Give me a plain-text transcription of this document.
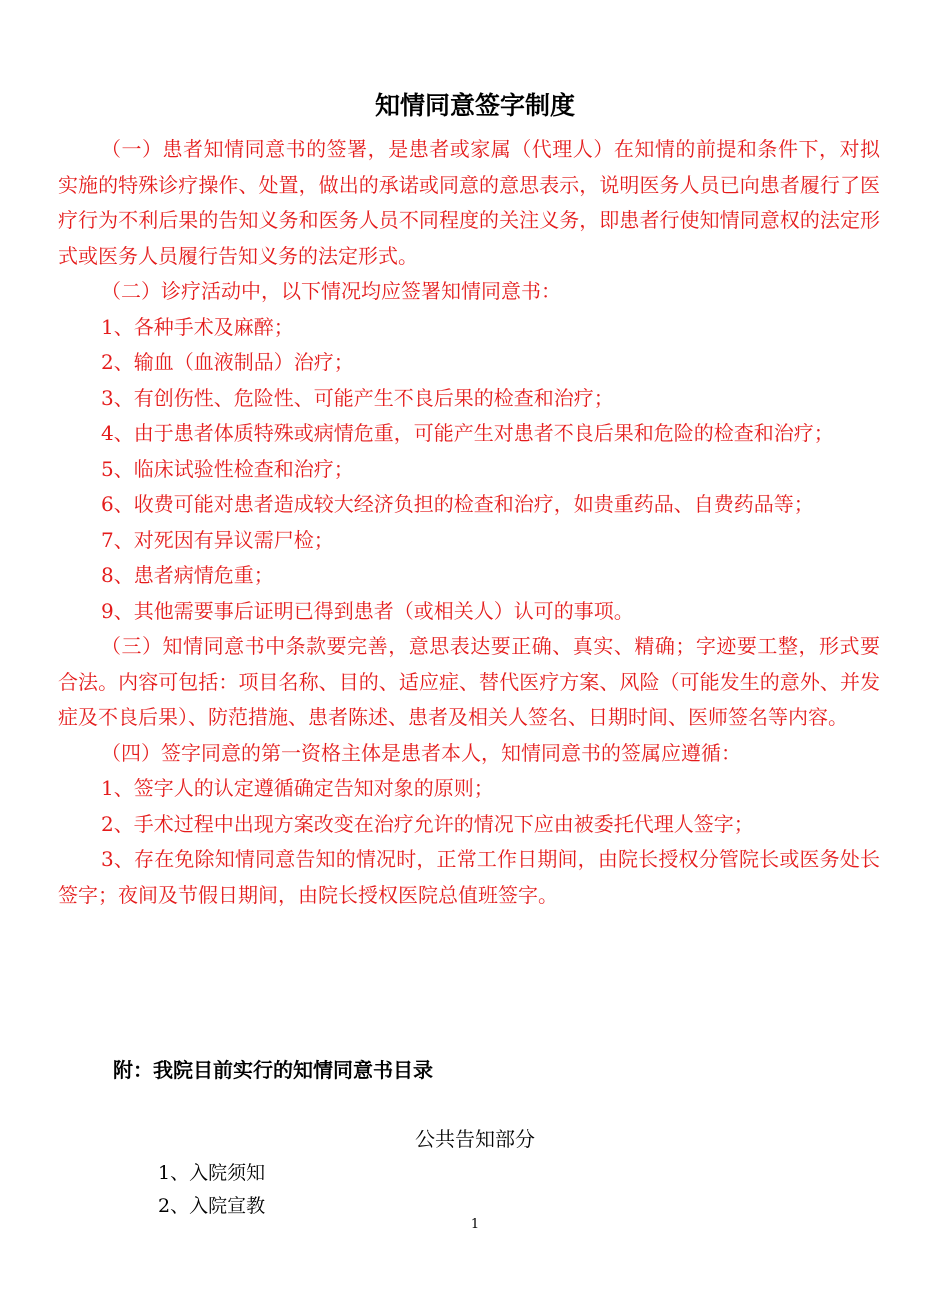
知情同意签字制度

（一）患者知情同意书的签署，是患者或家属（代理人）在知情的前提和条件下，对拟实施的特殊诊疗操作、处置，做出的承诺或同意的意思表示，说明医务人员已向患者履行了医疗行为不利后果的告知义务和医务人员不同程度的关注义务，即患者行使知情同意权的法定形式或医务人员履行告知义务的法定形式。

（二）诊疗活动中，以下情况均应签署知情同意书：

1、各种手术及麻醉；

2、输血（血液制品）治疗；

3、有创伤性、危险性、可能产生不良后果的检查和治疗；

4、由于患者体质特殊或病情危重，可能产生对患者不良后果和危险的检查和治疗；

5、临床试验性检查和治疗；

6、收费可能对患者造成较大经济负担的检查和治疗，如贵重药品、自费药品等；

7、对死因有异议需尸检；

8、患者病情危重；

9、其他需要事后证明已得到患者（或相关人）认可的事项。

（三）知情同意书中条款要完善，意思表达要正确、真实、精确；字迹要工整，形式要合法。内容可包括：项目名称、目的、适应症、替代医疗方案、风险（可能发生的意外、并发症及不良后果）、防范措施、患者陈述、患者及相关人签名、日期时间、医师签名等内容。

（四）签字同意的第一资格主体是患者本人，知情同意书的签属应遵循：

1、签字人的认定遵循确定告知对象的原则；

2、手术过程中出现方案改变在治疗允许的情况下应由被委托代理人签字；

3、存在免除知情同意告知的情况时，正常工作日期间，由院长授权分管院长或医务处长签字；夜间及节假日期间，由院长授权医院总值班签字。

附：我院目前实行的知情同意书目录
公共告知部分
1、入院须知
2、入院宣教
1
